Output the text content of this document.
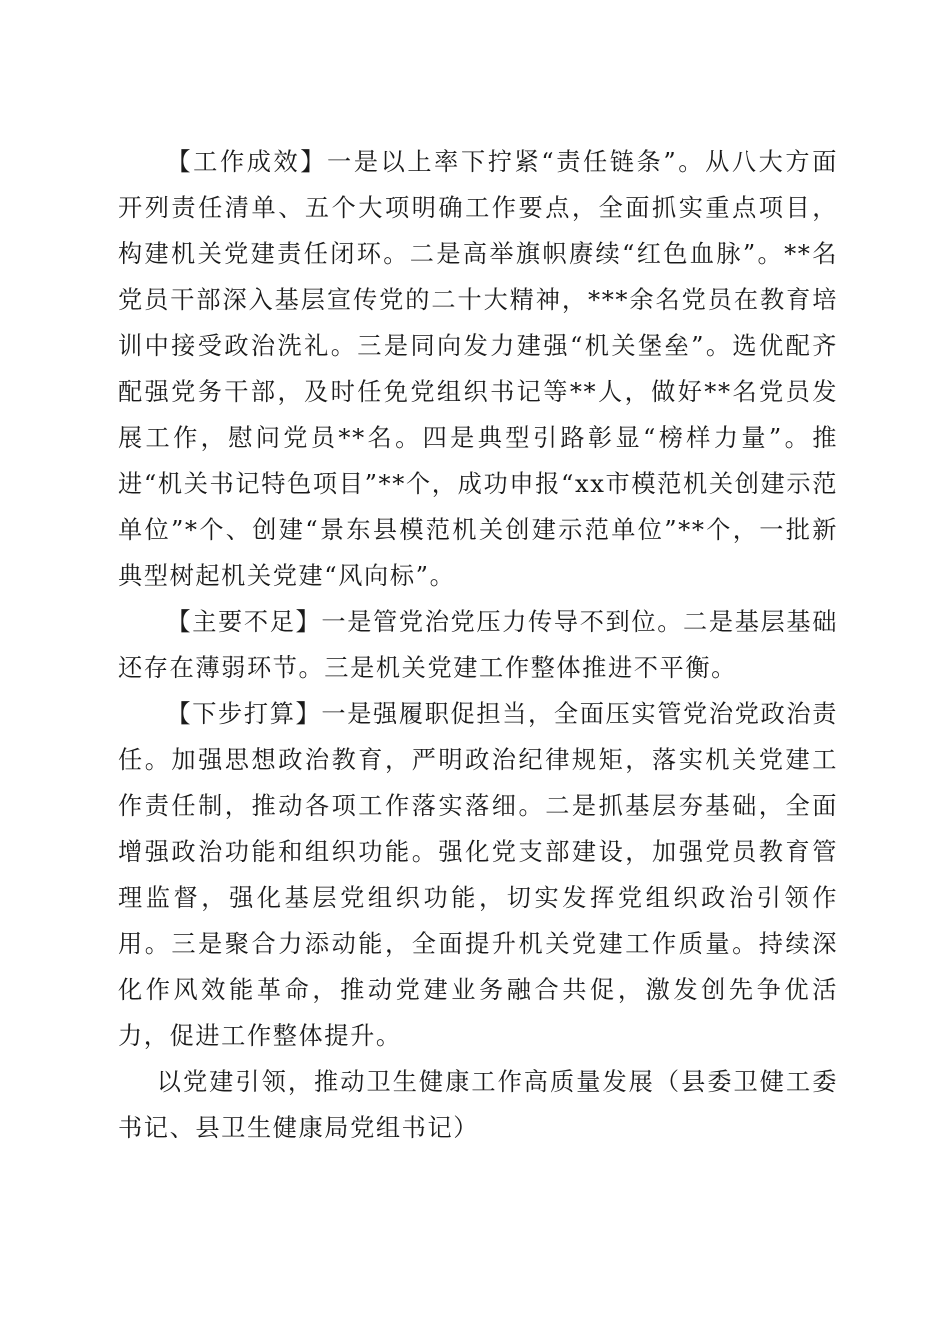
【工作成效】一是以上率下拧紧“责任链条”。从八大方面开列责任清单、五个大项明确工作要点，全面抓实重点项目，构建机关党建责任闭环。二是高举旗帜赓续“红色血脉”。**名党员干部深入基层宣传党的二十大精神，***余名党员在教育培训中接受政治洗礼。三是同向发力建强“机关堡垒”。选优配齐配强党务干部，及时任免党组织书记等**人，做好**名党员发展工作，慰问党员**名。四是典型引路彰显“榜样力量”。推进“机关书记特色项目”**个，成功申报“xx市模范机关创建示范单位”*个、创建“景东县模范机关创建示范单位”**个，一批新典型树起机关党建“风向标”。

【主要不足】一是管党治党压力传导不到位。二是基层基础还存在薄弱环节。三是机关党建工作整体推进不平衡。

【下步打算】一是强履职促担当，全面压实管党治党政治责任。加强思想政治教育，严明政治纪律规矩，落实机关党建工作责任制，推动各项工作落实落细。二是抓基层夯基础，全面增强政治功能和组织功能。强化党支部建设，加强党员教育管理监督，强化基层党组织功能，切实发挥党组织政治引领作用。三是聚合力添动能，全面提升机关党建工作质量。持续深化作风效能革命，推动党建业务融合共促，激发创先争优活力，促进工作整体提升。

以党建引领，推动卫生健康工作高质量发展（县委卫健工委书记、县卫生健康局党组书记）
